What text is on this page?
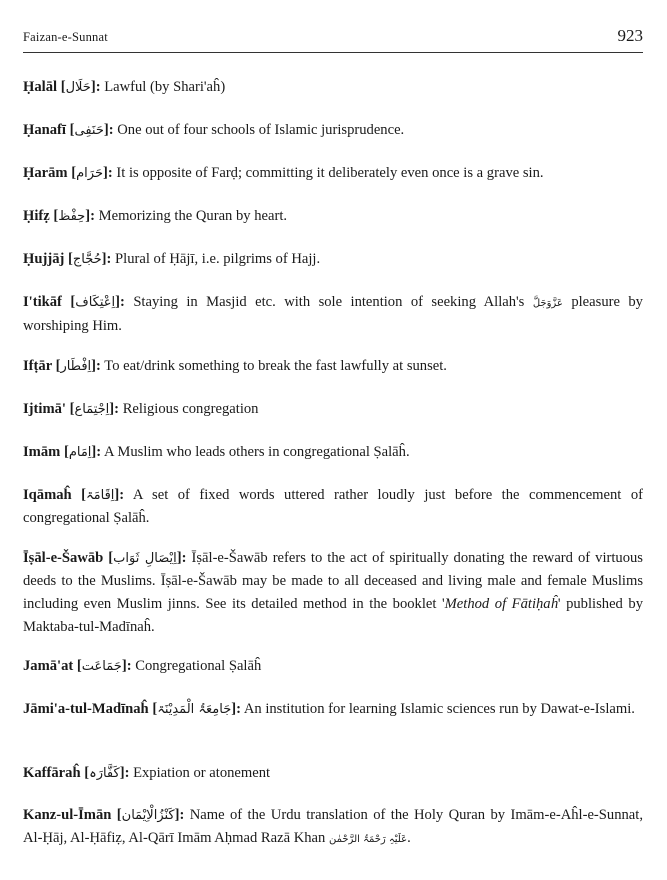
Faizan-e-Sunnat	923
Ḥalāl [حَلَال]: Lawful (by Shari'aĥ)
Ḥanafī [حَنَفِی]: One out of four schools of Islamic jurisprudence.
Ḥarām [حَرَام]: It is opposite of Farḍ; committing it deliberately even once is a grave sin.
Ḥifẓ [حِفْظ]: Memorizing the Quran by heart.
Ḥujjāj [حُجَّاج]: Plural of Ḥājī, i.e. pilgrims of Hajj.
I'tikāf [اِعْتِکَاف]: Staying in Masjid etc. with sole intention of seeking Allah's عَزَّوَجَلَّ pleasure by worshiping Him.
Ifṭār [اِفْطَار]: To eat/drink something to break the fast lawfully at sunset.
Ijtimā' [اِجْتِمَاع]: Religious congregation
Imām [اِمَام]: A Muslim who leads others in congregational Ṣalāĥ.
Iqāmaĥ [اِقَامَۃ]: A set of fixed words uttered rather loudly just before the commencement of congregational Ṣalāĥ.
Īṣāl-e-Šawāb [اِیْصَالِ ثَوَاب]: Īṣāl-e-Šawāb refers to the act of spiritually donating the reward of virtuous deeds to the Muslims. Īṣāl-e-Šawāb may be made to all deceased and living male and female Muslims including even Muslim jinns. See its detailed method in the booklet 'Method of Fātiḥaĥ' published by Maktaba-tul-Madīnaĥ.
Jamā'at [جَمَاعَت]: Congregational Ṣalāĥ
Jāmi'a-tul-Madīnaĥ [جَامِعَۃُ الْمَدِیْنَۃ]: An institution for learning Islamic sciences run by Dawat-e-Islami.
Kaffāraĥ [کَفَّارَہ]: Expiation or atonement
Kanz-ul-Īmān [کَنْزُالْاِیْمَان]: Name of the Urdu translation of the Holy Quran by Imām-e-Aĥl-e-Sunnat, Al-Ḥāj, Al-Ḥāfiẓ, Al-Qārī Imām Aḥmad Razā Khan عَلَیْہِ رَحْمَۃُ الرَّحْمٰن.
